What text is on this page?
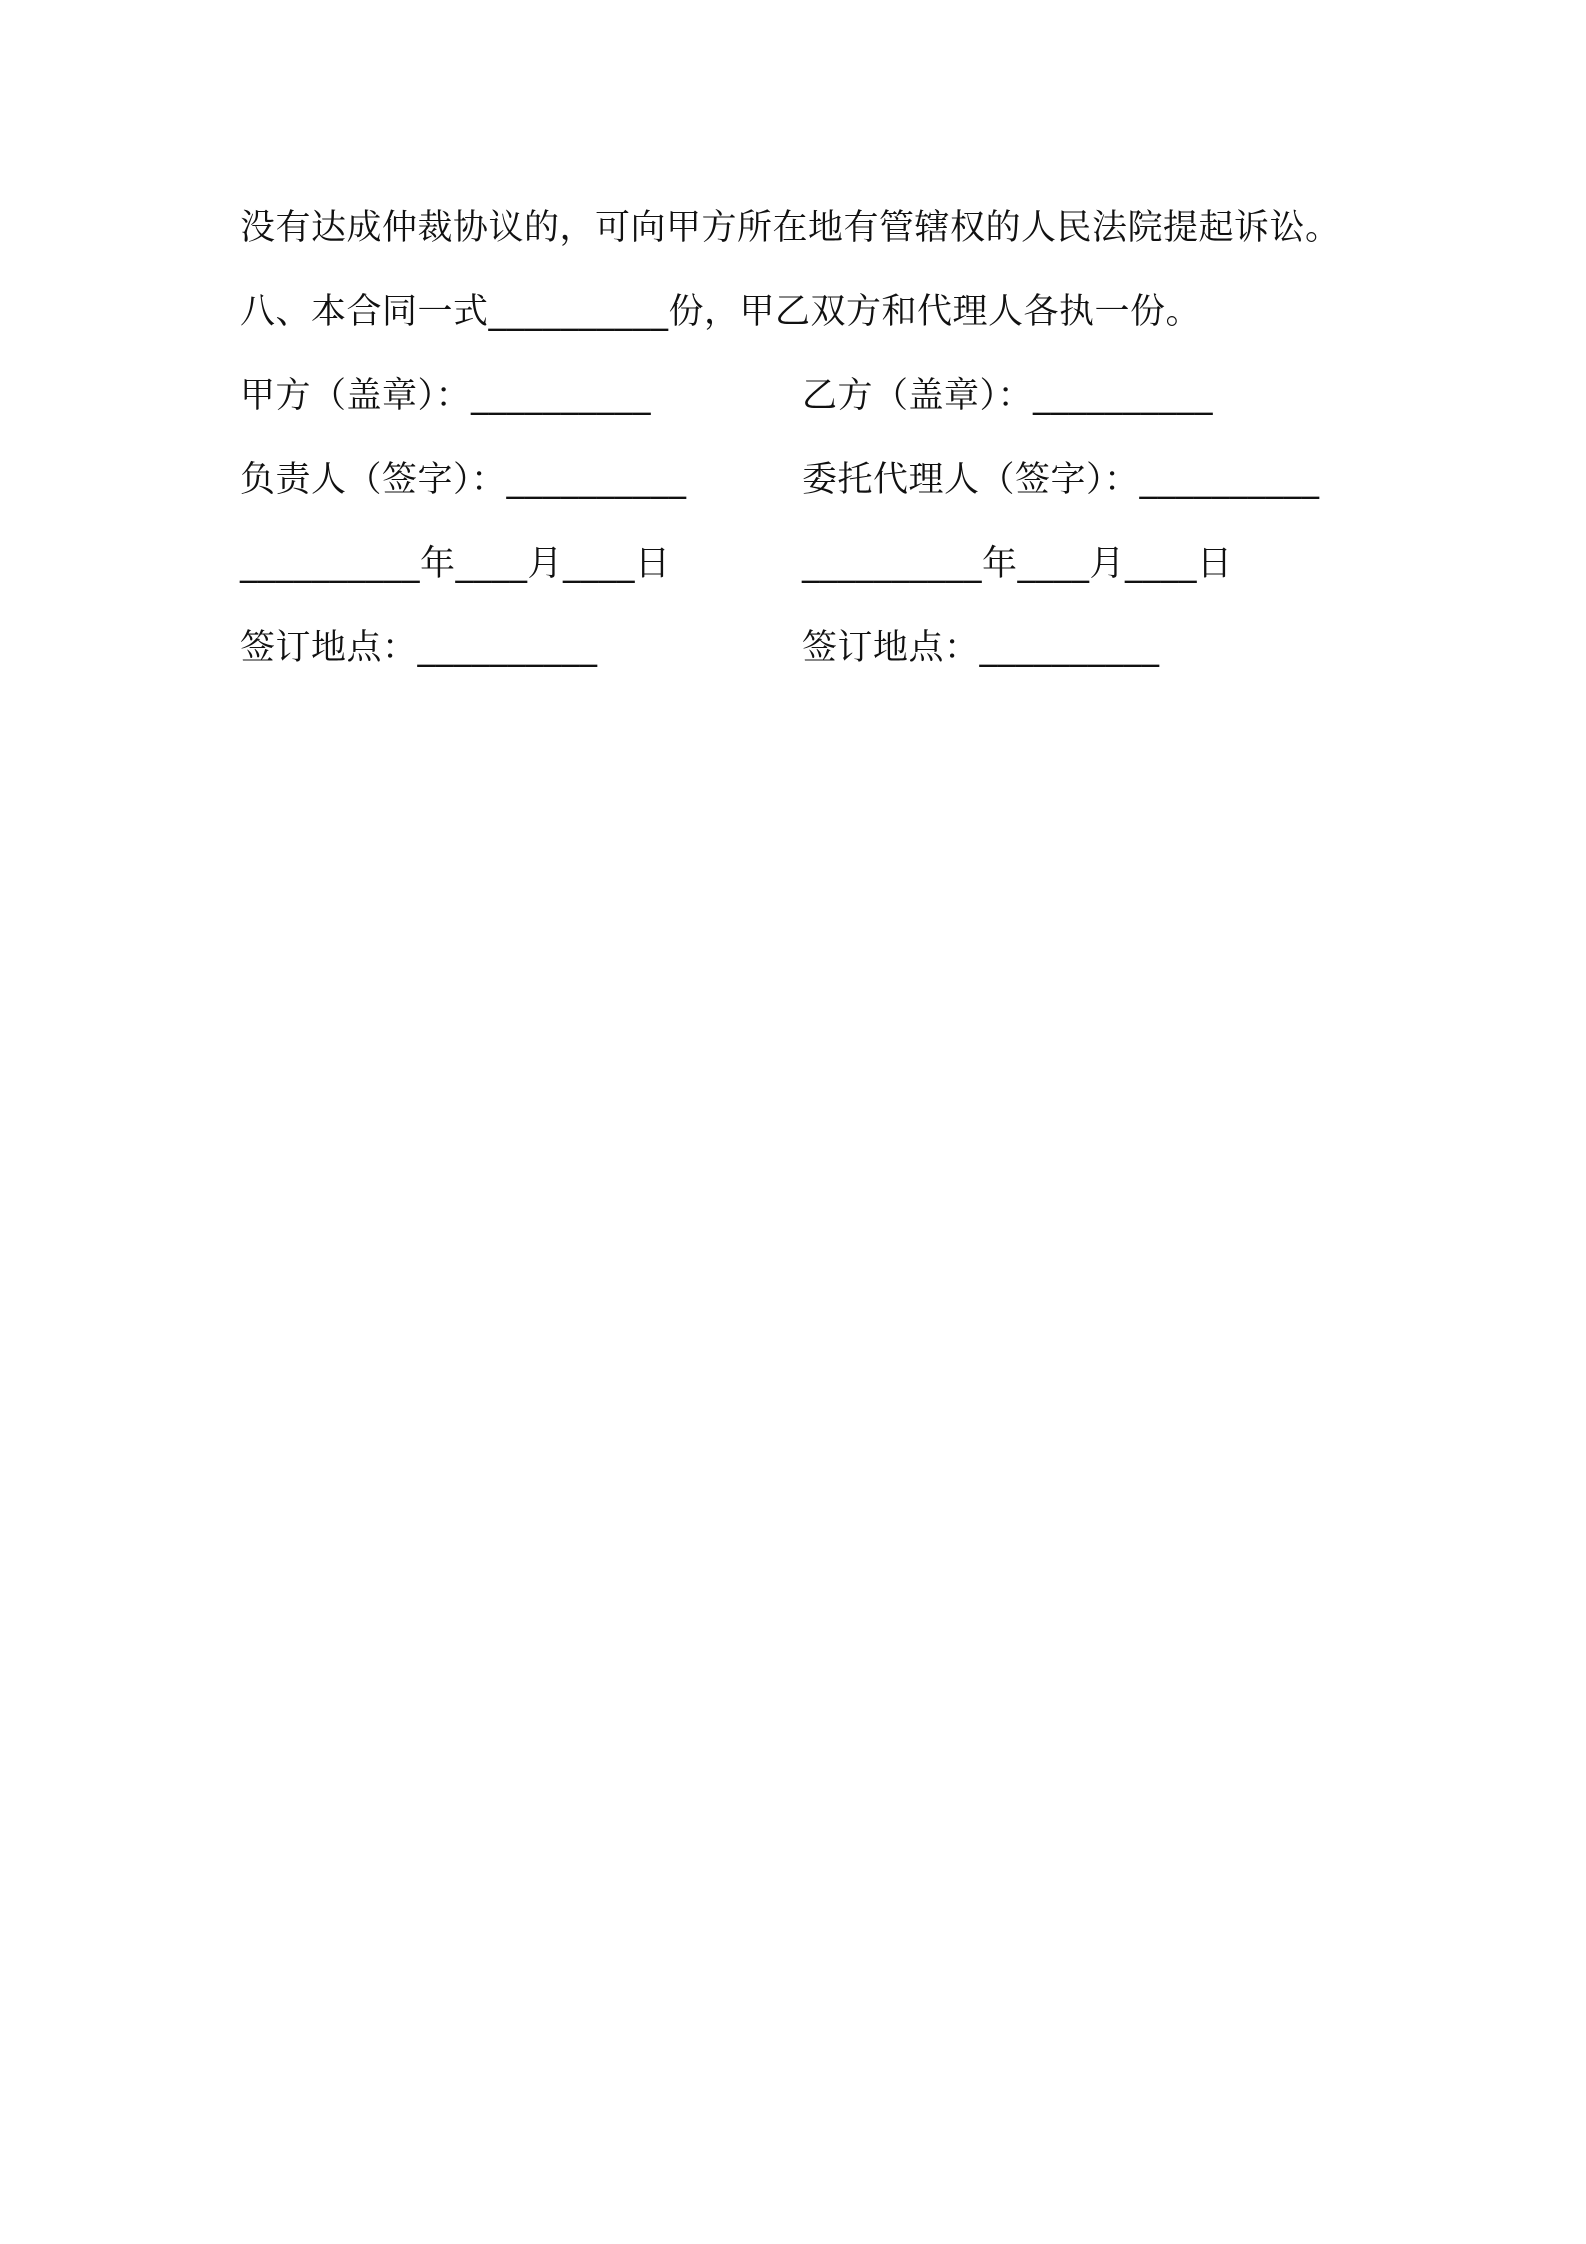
没有达成仲裁协议的，可向甲方所在地有管辖权的人民法院提起诉讼。
八、本合同一式__________份，甲乙双方和代理人各执一份。
甲方（盖章）：__________	乙方（盖章）：__________
负责人（签字）：__________	委托代理人（签字）：__________
__________年____月____日	__________年____月____日
签订地点：__________	签订地点：__________
